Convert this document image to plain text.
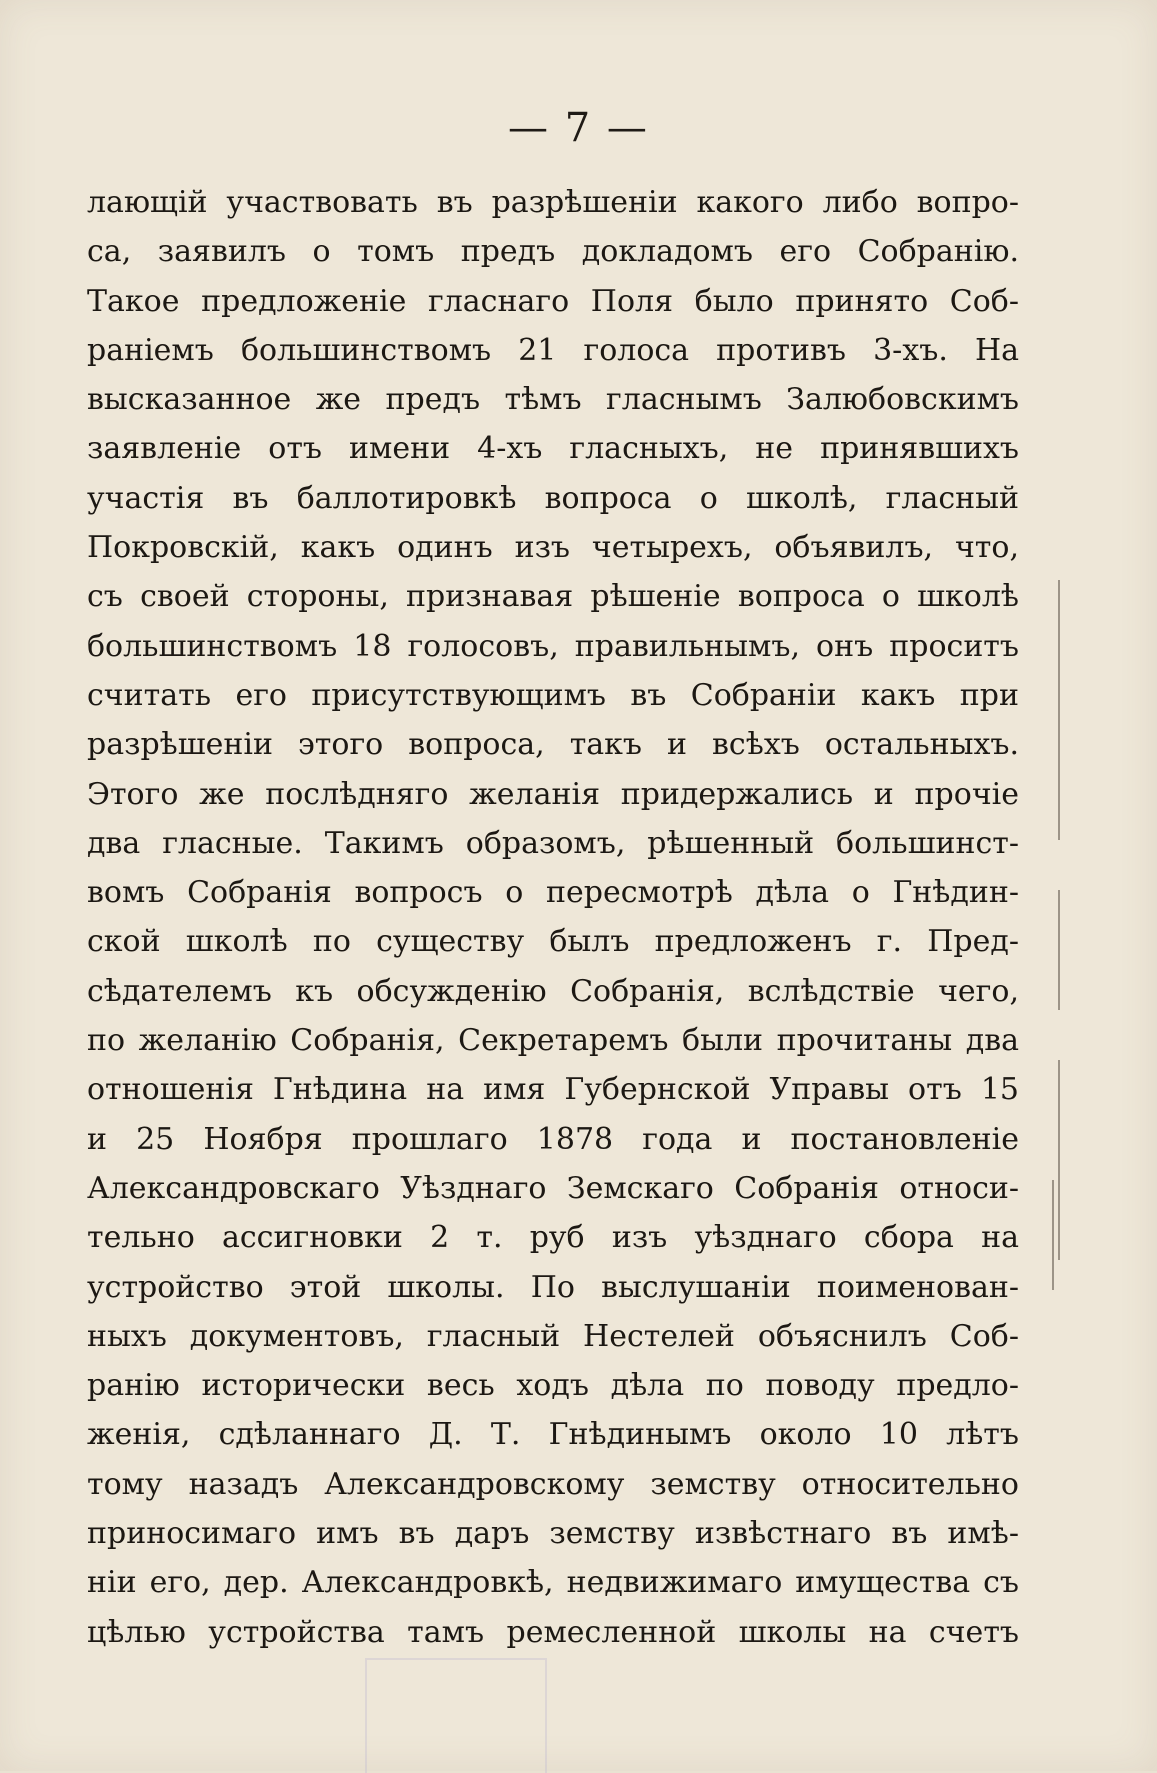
— 7 —
лающій участвовать въ разрѣшеніи какого либо вопро-
са, заявилъ о томъ предъ докладомъ его Собранію.
Такое предложеніе гласнаго Поля было принято Соб-
раніемъ большинствомъ 21 голоса противъ 3-хъ. На
высказанное же предъ тѣмъ гласнымъ Залюбовскимъ
заявленіе отъ имени 4-хъ гласныхъ, не принявшихъ
участія въ баллотировкѣ вопроса о школѣ, гласный
Покровскій, какъ одинъ изъ четырехъ, объявилъ, что,
съ своей стороны, признавая рѣшеніе вопроса о школѣ
большинствомъ 18 голосовъ, правильнымъ, онъ проситъ
считать его присутствующимъ въ Собраніи какъ при
разрѣшеніи этого вопроса, такъ и всѣхъ остальныхъ.
Этого же послѣдняго желанія придержались и прочіе
два гласные. Такимъ образомъ, рѣшенный большинст-
вомъ Собранія вопросъ о пересмотрѣ дѣла о Гнѣдин-
ской школѣ по существу былъ предложенъ г. Пред-
сѣдателемъ къ обсужденію Собранія, вслѣдствіе чего,
по желанію Собранія, Секретаремъ были прочитаны два
отношенія Гнѣдина на имя Губернской Управы отъ 15
и 25 Ноября прошлаго 1878 года и постановленіе
Александровскаго Уѣзднаго Земскаго Собранія относи-
тельно ассигновки 2 т. руб изъ уѣзднаго сбора на
устройство этой школы. По выслушаніи поименован-
ныхъ документовъ, гласный Нестелей объяснилъ Соб-
ранію исторически весь ходъ дѣла по поводу предло-
женія, сдѣланнаго Д. Т. Гнѣдинымъ около 10 лѣтъ
тому назадъ Александровскому земству относительно
приносимаго имъ въ даръ земству извѣстнаго въ имѣ-
ніи его, дер. Александровкѣ, недвижимаго имущества съ
цѣлью устройства тамъ ремесленной школы на счетъ
